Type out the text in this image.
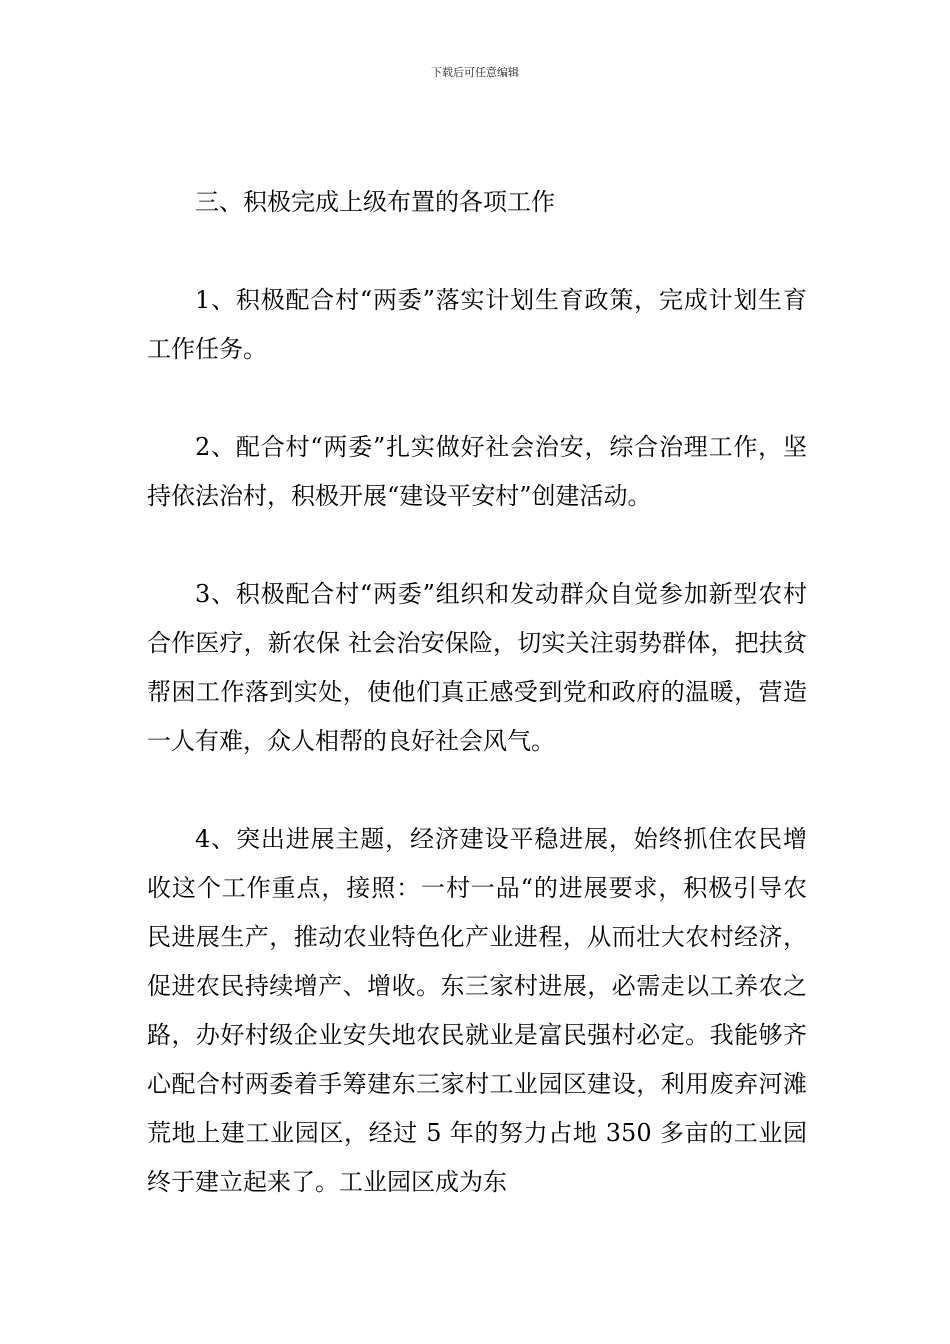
下载后可任意编辑

三、积极完成上级布置的各项工作

1、积极配合村“两委”落实计划生育政策，完成计划生育工作任务。

2、配合村“两委”扎实做好社会治安，综合治理工作，坚持依法治村，积极开展“建设平安村”创建活动。

3、积极配合村“两委”组织和发动群众自觉参加新型农村合作医疗，新农保 社会治安保险，切实关注弱势群体，把扶贫帮困工作落到实处，使他们真正感受到党和政府的温暖，营造一人有难，众人相帮的良好社会风气。

4、突出进展主题，经济建设平稳进展，始终抓住农民增收这个工作重点，接照：一村一品“的进展要求，积极引导农民进展生产，推动农业特色化产业进程，从而壮大农村经济，促进农民持续增产、增收。东三家村进展，必需走以工养农之路，办好村级企业安失地农民就业是富民强村必定。我能够齐心配合村两委着手筹建东三家村工业园区建设，利用废弃河滩荒地上建工业园区，经过 5 年的努力占地 350 多亩的工业园终于建立起来了。工业园区成为东
